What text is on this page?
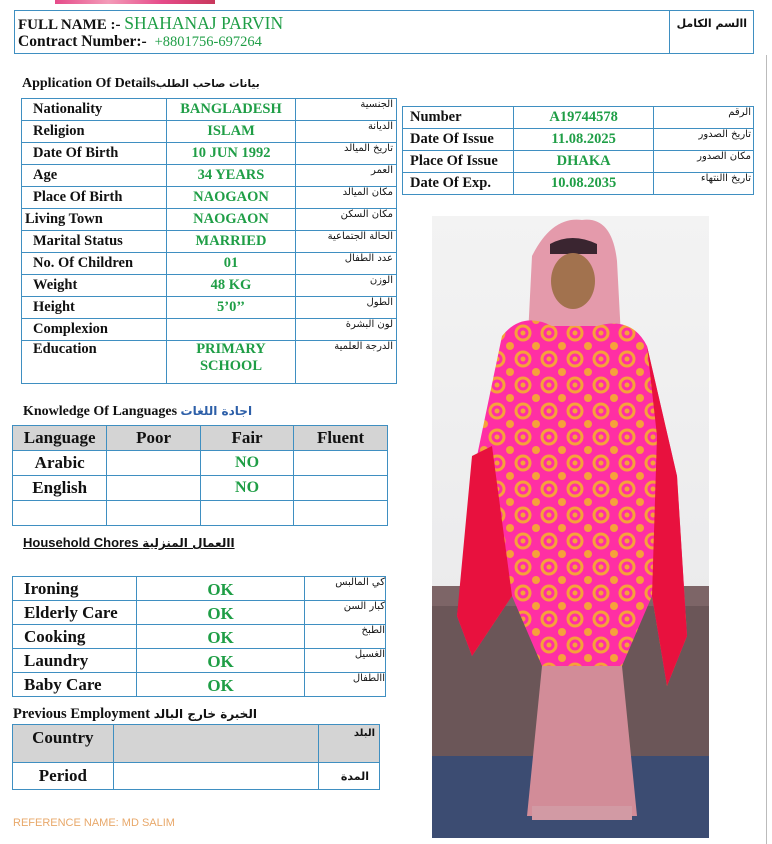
FULL NAME :- SHAHANAJ PARVIN
Contract Number:- +8801756-697264
االسم الكامل
Application Of Detailsبيانات صاحب الطلب
Nationality	BANGLADESH	الجنسية
Religion	ISLAM	الديانة
Date Of Birth	10 JUN 1992	تاريخ الميالد
Age	34 YEARS	العمر
Place Of Birth	NAOGAON	مكان الميالد
Living Town	NAOGAON	مكان السكن
Marital Status	MARRIED	الحالة الجتماعية
No. Of Children	01	عدد الطفال
Weight	48 KG	الوزن
Height	5’0’’	الطول
Complexion		لون البشرة
Education	PRIMARY SCHOOL	الدرجة العلمية
Number	A19744578	الرقم
Date Of Issue	11.08.2025	تاريخ الصدور
Place Of Issue	DHAKA	مكان الصدور
Date Of Exp.	10.08.2035	تاريخ االنتهاء
Knowledge Of Languages اجادة اللغات
Language	Poor	Fair	Fluent
Arabic		NO	
English		NO	

Household Chores االعمال المنزلية
Ironing	OK	كي المالبس
Elderly Care	OK	كبار السن
Cooking	OK	الطبخ
Laundry	OK	الغسيل
Baby Care	OK	االطفال
Previous Employment الخبرة خارج البالد
Country		البلد
Period		المدة
REFERENCE NAME: MD SALIM
